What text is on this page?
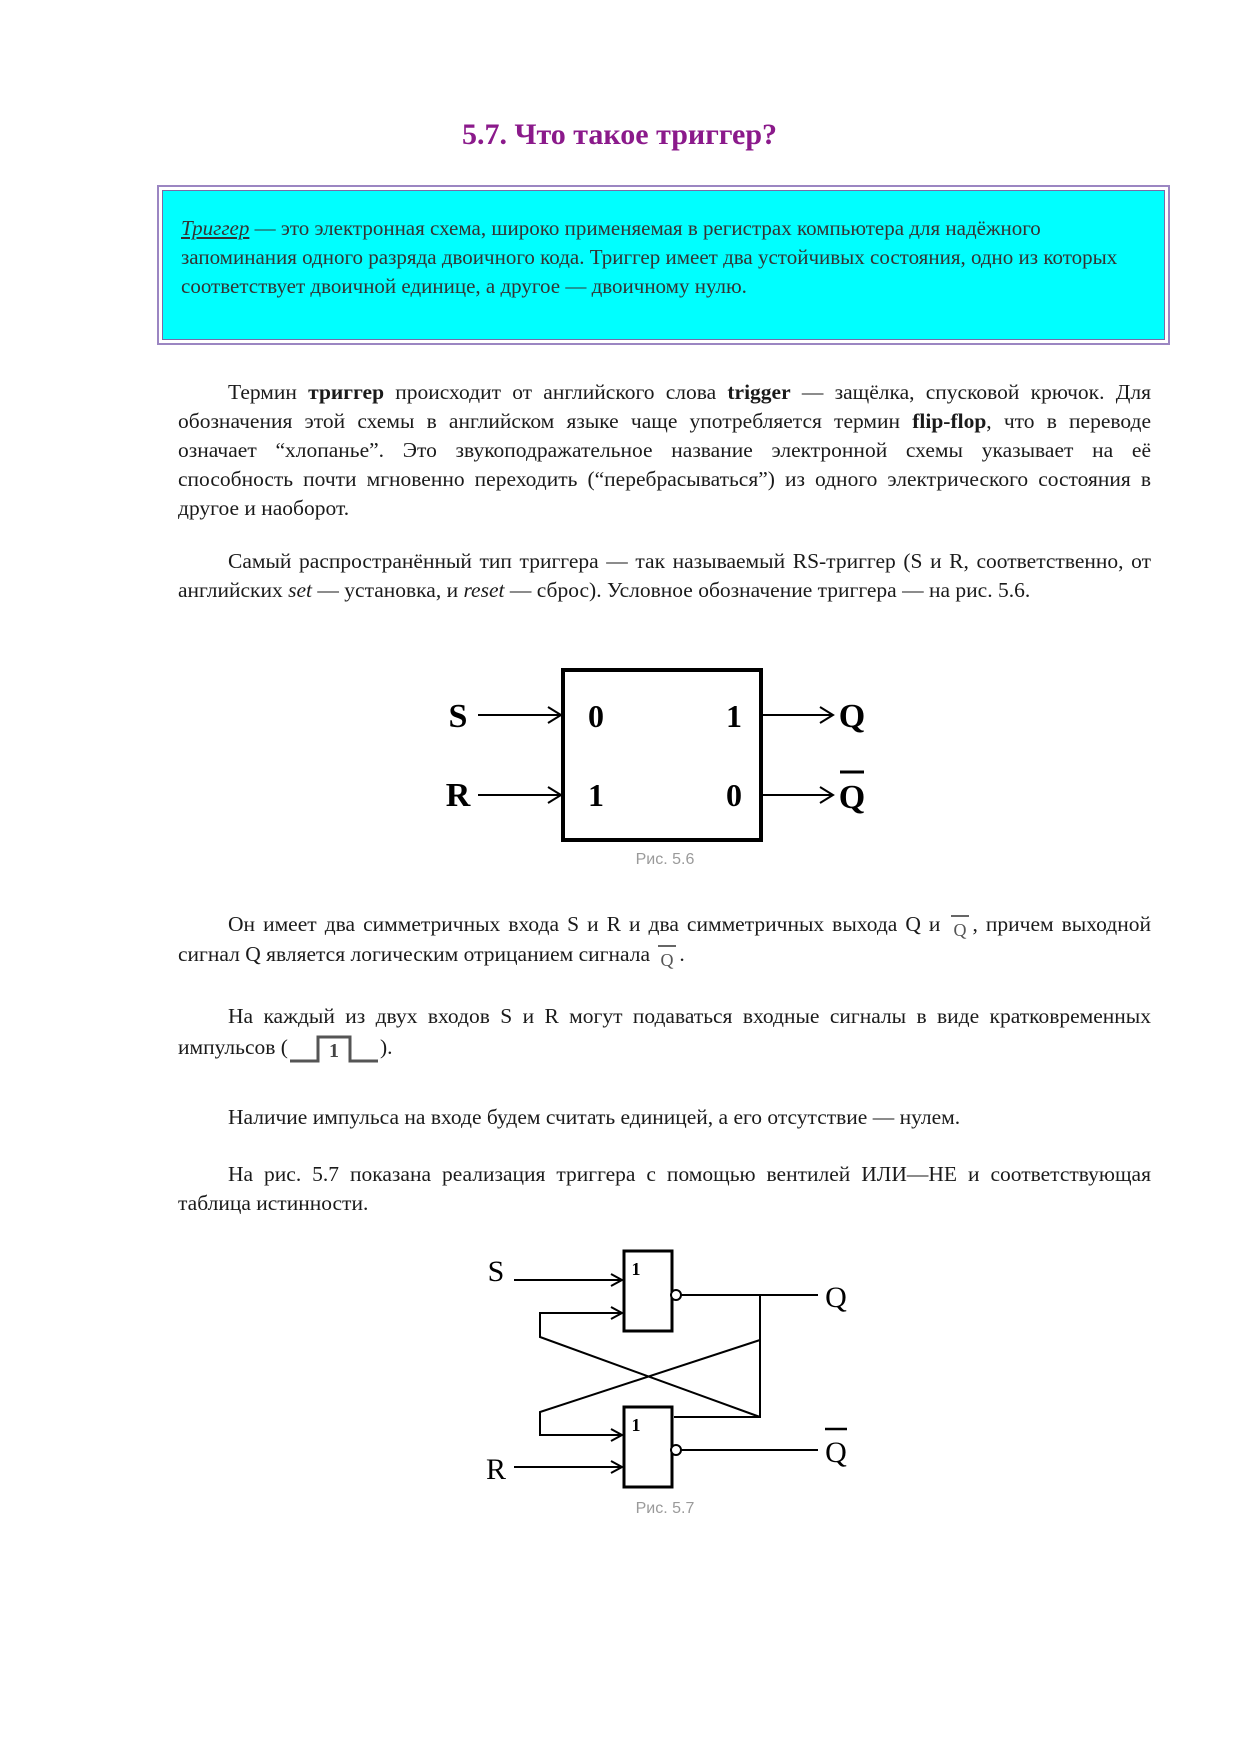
5.7. Что такое триггер?
Триггер — это электронная схема, широко применяемая в регистрах компьютера для надёжного запоминания одного разряда двоичного кода. Триггер имеет два устойчивых состояния, одно из которых соответствует двоичной единице, а другое — двоичному нулю.

Термин триггер происходит от английского слова trigger — защёлка, спусковой крючок. Для обозначения этой схемы в английском языке чаще употребляется термин flip-flop, что в переводе означает “хлопанье”. Это звукоподражательное название электронной схемы указывает на её способность почти мгновенно переходить (“перебрасываться”) из одного электрического состояния в другое и наоборот.

Самый распространённый тип триггера — так называемый RS-триггер (S и R, соответственно, от английских set — установка, и reset — сброс). Условное обозначение триггера — на рис. 5.6.

S
R
0
1
1
0
Q
Q
Рис. 5.6

Он имеет два симметричных входа S и R и два симметричных выхода Q и Q , причем выходной сигнал Q является логическим отрицанием сигнала Q .

На каждый из двух входов S и R могут подаваться входные сигналы в виде кратковременных импульсов ( 1 ).

Наличие импульса на входе будем считать единицей, а его отсутствие — нулем.

На рис. 5.7 показана реализация триггера с помощью вентилей ИЛИ—НЕ и соответствующая таблица истинности.

S	1
Q
1
Q
R
Рис. 5.7
